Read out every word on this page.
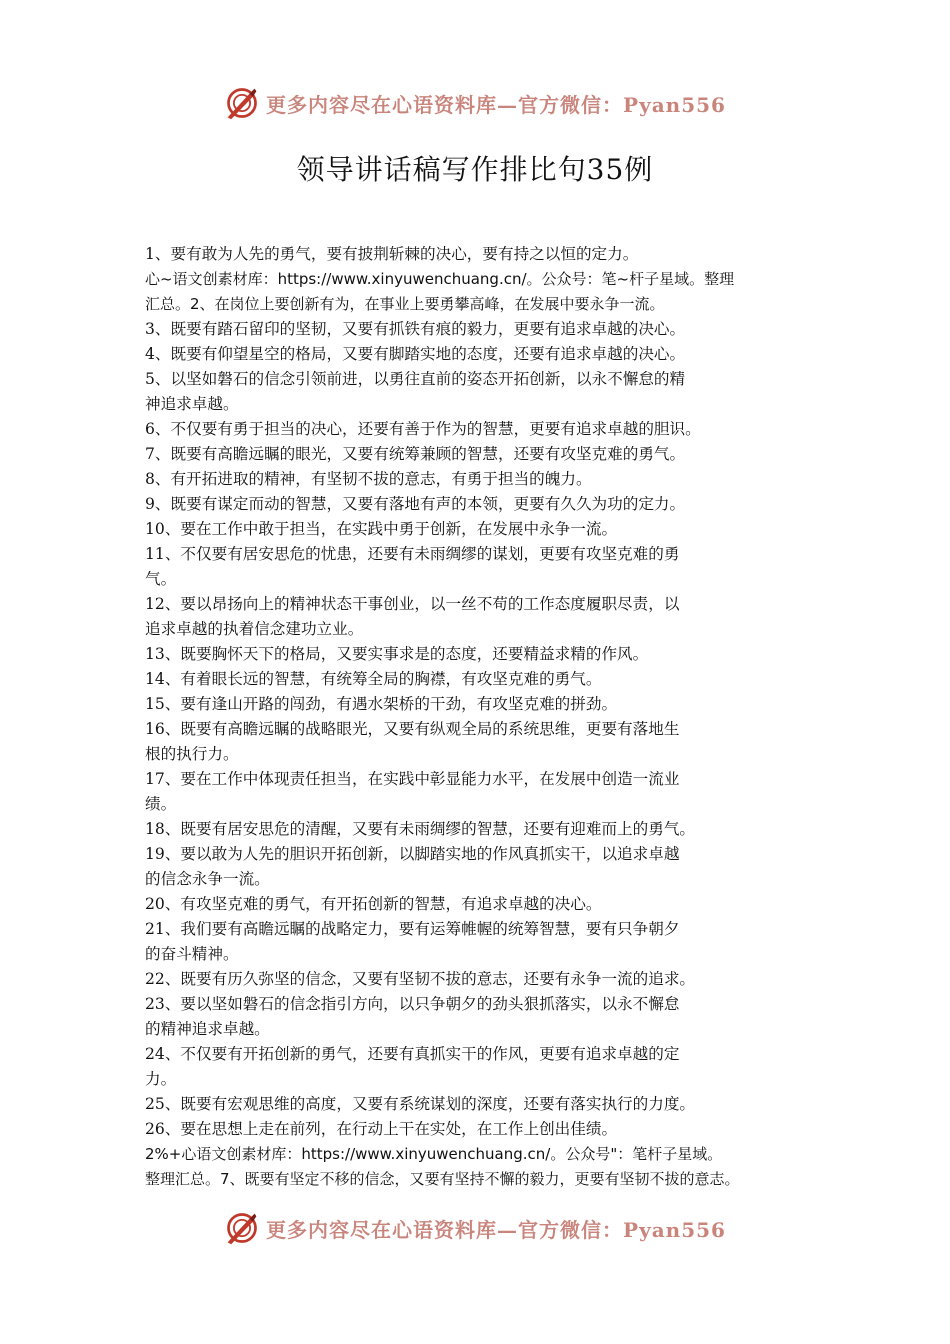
更多内容尽在心语资料库—官方微信：Pyan556
领导讲话稿写作排比句35例
1、要有敢为人先的勇气，要有披荆斩棘的决心，要有持之以恒的定力。
心~语文创素材库：https://www.xinyuwenchuang.cn/。公众号：笔~杆子星域。整理
汇总。2、在岗位上要创新有为，在事业上要勇攀高峰，在发展中要永争一流。
3、既要有踏石留印的坚韧，又要有抓铁有痕的毅力，更要有追求卓越的决心。
4、既要有仰望星空的格局，又要有脚踏实地的态度，还要有追求卓越的决心。
5、以坚如磐石的信念引领前进，以勇往直前的姿态开拓创新，以永不懈怠的精
神追求卓越。
6、不仅要有勇于担当的决心，还要有善于作为的智慧，更要有追求卓越的胆识。
7、既要有高瞻远瞩的眼光，又要有统筹兼顾的智慧，还要有攻坚克难的勇气。
8、有开拓进取的精神，有坚韧不拔的意志，有勇于担当的魄力。
9、既要有谋定而动的智慧，又要有落地有声的本领，更要有久久为功的定力。
10、要在工作中敢于担当，在实践中勇于创新，在发展中永争一流。
11、不仅要有居安思危的忧患，还要有未雨绸缪的谋划，更要有攻坚克难的勇
气。
12、要以昂扬向上的精神状态干事创业，以一丝不苟的工作态度履职尽责，以
追求卓越的执着信念建功立业。
13、既要胸怀天下的格局，又要实事求是的态度，还要精益求精的作风。
14、有着眼长远的智慧，有统筹全局的胸襟，有攻坚克难的勇气。
15、要有逢山开路的闯劲，有遇水架桥的干劲，有攻坚克难的拼劲。
16、既要有高瞻远瞩的战略眼光，又要有纵观全局的系统思维，更要有落地生
根的执行力。
17、要在工作中体现责任担当，在实践中彰显能力水平，在发展中创造一流业
绩。
18、既要有居安思危的清醒，又要有未雨绸缪的智慧，还要有迎难而上的勇气。
19、要以敢为人先的胆识开拓创新，以脚踏实地的作风真抓实干，以追求卓越
的信念永争一流。
20、有攻坚克难的勇气，有开拓创新的智慧，有追求卓越的决心。
21、我们要有高瞻远瞩的战略定力，要有运筹帷幄的统筹智慧，要有只争朝夕
的奋斗精神。
22、既要有历久弥坚的信念，又要有坚韧不拔的意志，还要有永争一流的追求。
23、要以坚如磐石的信念指引方向，以只争朝夕的劲头狠抓落实，以永不懈怠
的精神追求卓越。
24、不仅要有开拓创新的勇气，还要有真抓实干的作风，更要有追求卓越的定
力。
25、既要有宏观思维的高度，又要有系统谋划的深度，还要有落实执行的力度。
26、要在思想上走在前列，在行动上干在实处，在工作上创出佳绩。
2%+心语文创素材库：https://www.xinyuwenchuang.cn/。公众号"：笔杆子星域。
整理汇总。7、既要有坚定不移的信念，又要有坚持不懈的毅力，更要有坚韧不拔的意志。
更多内容尽在心语资料库—官方微信：Pyan556
